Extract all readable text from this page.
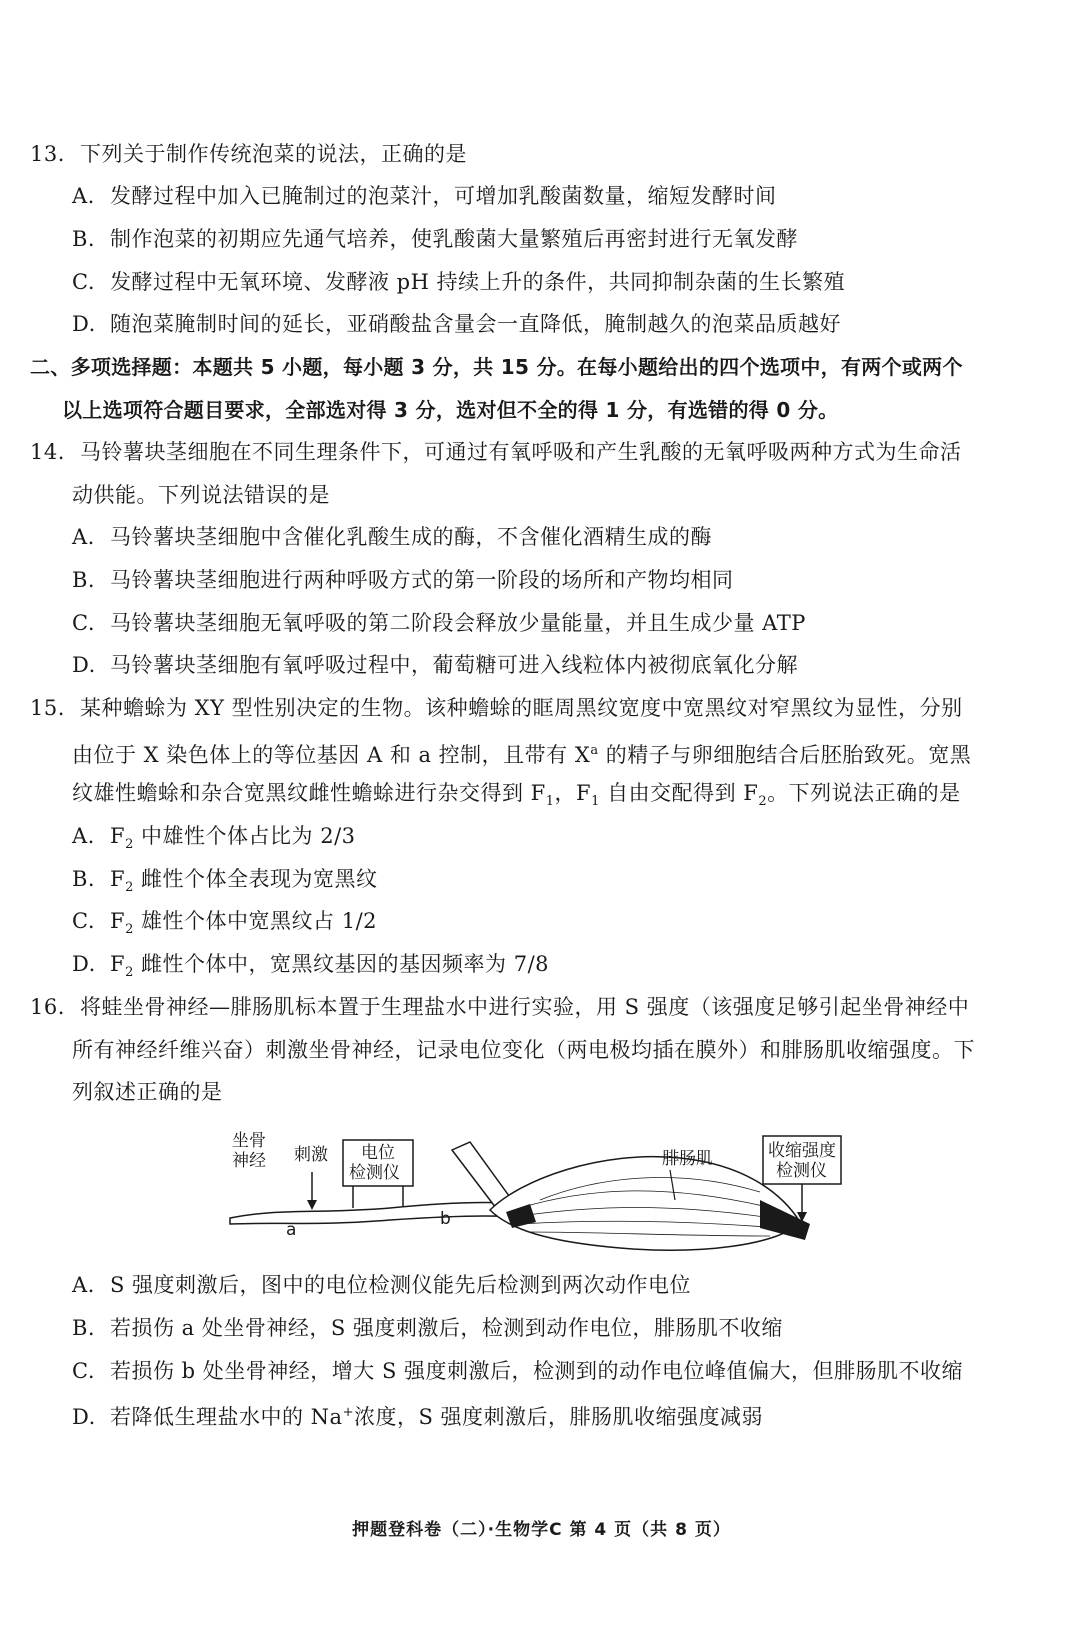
13. 下列关于制作传统泡菜的说法，正确的是
A. 发酵过程中加入已腌制过的泡菜汁，可增加乳酸菌数量，缩短发酵时间
B. 制作泡菜的初期应先通气培养，使乳酸菌大量繁殖后再密封进行无氧发酵
C. 发酵过程中无氧环境、发酵液 pH 持续上升的条件，共同抑制杂菌的生长繁殖
D. 随泡菜腌制时间的延长，亚硝酸盐含量会一直降低，腌制越久的泡菜品质越好
二、多项选择题：本题共 5 小题，每小题 3 分，共 15 分。在每小题给出的四个选项中，有两个或两个
以上选项符合题目要求，全部选对得 3 分，选对但不全的得 1 分，有选错的得 0 分。
14. 马铃薯块茎细胞在不同生理条件下，可通过有氧呼吸和产生乳酸的无氧呼吸两种方式为生命活
动供能。下列说法错误的是
A. 马铃薯块茎细胞中含催化乳酸生成的酶，不含催化酒精生成的酶
B. 马铃薯块茎细胞进行两种呼吸方式的第一阶段的场所和产物均相同
C. 马铃薯块茎细胞无氧呼吸的第二阶段会释放少量能量，并且生成少量 ATP
D. 马铃薯块茎细胞有氧呼吸过程中，葡萄糖可进入线粒体内被彻底氧化分解
15. 某种蟾蜍为 XY 型性别决定的生物。该种蟾蜍的眶周黑纹宽度中宽黑纹对窄黑纹为显性，分别
由位于 X 染色体上的等位基因 A 和 a 控制，且带有 $X^a$ 的精子与卵细胞结合后胚胎致死。宽黑
纹雄性蟾蜍和杂合宽黑纹雌性蟾蜍进行杂交得到 $F_1$，$F_1$ 自由交配得到 $F_2$。下列说法正确的是
A. $F_2$ 中雄性个体占比为 2/3
B. $F_2$ 雌性个体全表现为宽黑纹
C. $F_2$ 雄性个体中宽黑纹占 1/2
D. $F_2$ 雌性个体中，宽黑纹基因的基因频率为 7/8
16. 将蛙坐骨神经—腓肠肌标本置于生理盐水中进行实验，用 S 强度（该强度足够引起坐骨神经中
所有神经纤维兴奋）刺激坐骨神经，记录电位变化（两电极均插在膜外）和腓肠肌收缩强度。下
列叙述正确的是
坐骨
神经 刺激 电位
检测仪
腓肠肌	收缩强度
检测仪
a
b
A. S 强度刺激后，图中的电位检测仪能先后检测到两次动作电位
B. 若损伤 a 处坐骨神经，S 强度刺激后，检测到动作电位，腓肠肌不收缩
C. 若损伤 b 处坐骨神经，增大 S 强度刺激后，检测到的动作电位峰值偏大，但腓肠肌不收缩
D. 若降低生理盐水中的 Na+浓度，S 强度刺激后，腓肠肌收缩强度减弱
押题登科卷（二）·生物学C 第 4 页（共 8 页）
